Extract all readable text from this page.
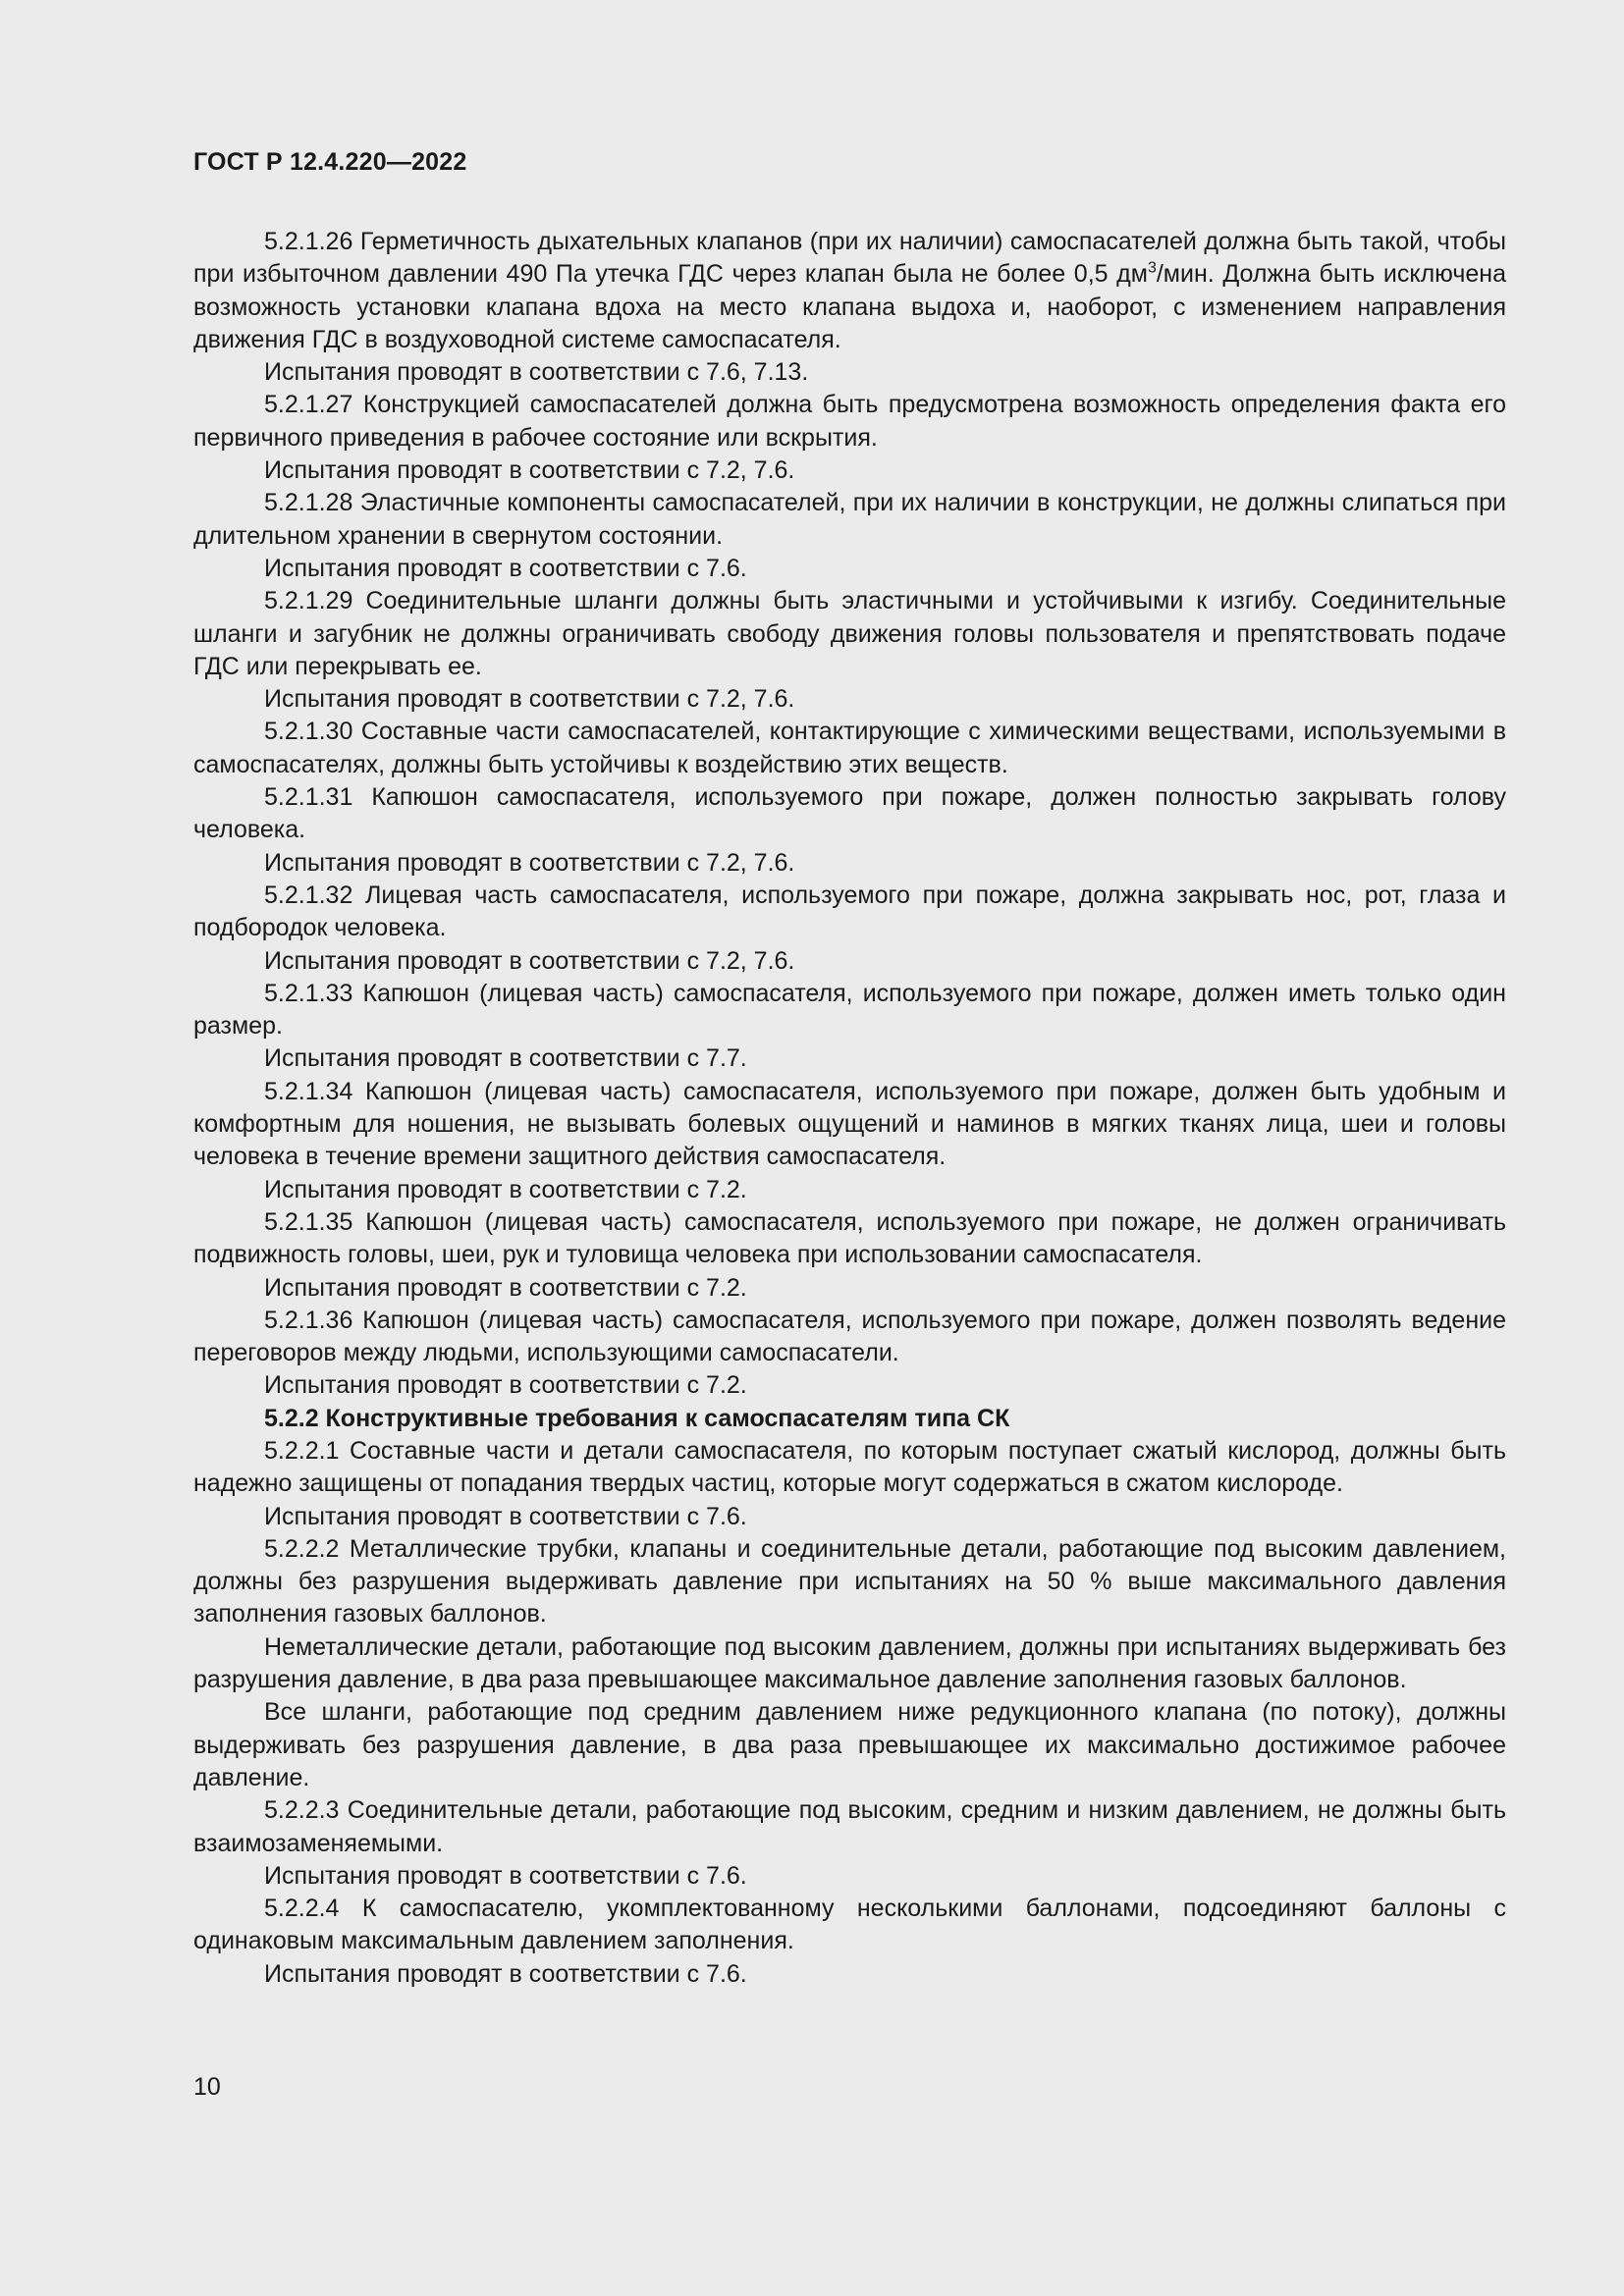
ГОСТ Р 12.4.220—2022

5.2.1.26 Герметичность дыхательных клапанов (при их наличии) самоспасателей должна быть такой, чтобы при избыточном давлении 490 Па утечка ГДС через клапан была не более 0,5 $дм^3$/мин. Должна быть исключена возможность установки клапана вдоха на место клапана выдоха и, наоборот, с изменением направления движения ГДС в воздуховодной системе самоспасателя.

Испытания проводят в соответствии с 7.6, 7.13.

5.2.1.27 Конструкцией самоспасателей должна быть предусмотрена возможность определения факта его первичного приведения в рабочее состояние или вскрытия.

Испытания проводят в соответствии с 7.2, 7.6.

5.2.1.28 Эластичные компоненты самоспасателей, при их наличии в конструкции, не должны слипаться при длительном хранении в свернутом состоянии.

Испытания проводят в соответствии с 7.6.

5.2.1.29 Соединительные шланги должны быть эластичными и устойчивыми к изгибу. Соединительные шланги и загубник не должны ограничивать свободу движения головы пользователя и препятствовать подаче ГДС или перекрывать ее.

Испытания проводят в соответствии с 7.2, 7.6.

5.2.1.30 Составные части самоспасателей, контактирующие с химическими веществами, используемыми в самоспасателях, должны быть устойчивы к воздействию этих веществ.

5.2.1.31 Капюшон самоспасателя, используемого при пожаре, должен полностью закрывать голову человека.

Испытания проводят в соответствии с 7.2, 7.6.

5.2.1.32 Лицевая часть самоспасателя, используемого при пожаре, должна закрывать нос, рот, глаза и подбородок человека.

Испытания проводят в соответствии с 7.2, 7.6.

5.2.1.33 Капюшон (лицевая часть) самоспасателя, используемого при пожаре, должен иметь только один размер.

Испытания проводят в соответствии с 7.7.

5.2.1.34 Капюшон (лицевая часть) самоспасателя, используемого при пожаре, должен быть удобным и комфортным для ношения, не вызывать болевых ощущений и наминов в мягких тканях лица, шеи и головы человека в течение времени защитного действия самоспасателя.

Испытания проводят в соответствии с 7.2.

5.2.1.35 Капюшон (лицевая часть) самоспасателя, используемого при пожаре, не должен ограничивать подвижность головы, шеи, рук и туловища человека при использовании самоспасателя.

Испытания проводят в соответствии с 7.2.

5.2.1.36 Капюшон (лицевая часть) самоспасателя, используемого при пожаре, должен позволять ведение переговоров между людьми, использующими самоспасатели.

Испытания проводят в соответствии с 7.2.

5.2.2 Конструктивные требования к самоспасателям типа СК

5.2.2.1 Составные части и детали самоспасателя, по которым поступает сжатый кислород, должны быть надежно защищены от попадания твердых частиц, которые могут содержаться в сжатом кислороде.

Испытания проводят в соответствии с 7.6.

5.2.2.2 Металлические трубки, клапаны и соединительные детали, работающие под высоким давлением, должны без разрушения выдерживать давление при испытаниях на 50 % выше максимального давления заполнения газовых баллонов.

Неметаллические детали, работающие под высоким давлением, должны при испытаниях выдерживать без разрушения давление, в два раза превышающее максимальное давление заполнения газовых баллонов.

Все шланги, работающие под средним давлением ниже редукционного клапана (по потоку), должны выдерживать без разрушения давление, в два раза превышающее их максимально достижимое рабочее давление.

5.2.2.3 Соединительные детали, работающие под высоким, средним и низким давлением, не должны быть взаимозаменяемыми.

Испытания проводят в соответствии с 7.6.

5.2.2.4 К самоспасателю, укомплектованному несколькими баллонами, подсоединяют баллоны с одинаковым максимальным давлением заполнения.

Испытания проводят в соответствии с 7.6.

10
